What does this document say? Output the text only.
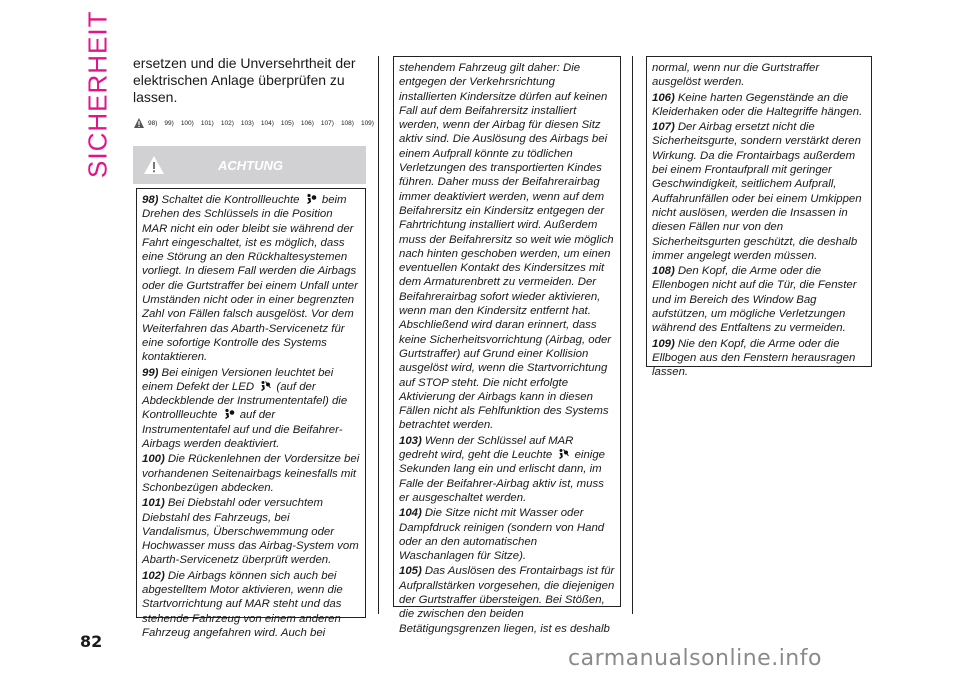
SICHERHEIT ersetzen und die Unversehrtheit der elektrischen Anlage überprüfen zu lassen.

98) 99) 100) 101) 102) 103) 104) 105) 106) 107) 108) 109)
ACHTUNG

98) Schaltet die Kontrollleuchte beim Drehen des Schlüssels in die Position MAR nicht ein oder bleibt sie während der Fahrt eingeschaltet, ist es möglich, dass eine Störung an den Rückhaltesystemen vorliegt. In diesem Fall werden die Airbags oder die Gurtstraffer bei einem Unfall unter Umständen nicht oder in einer begrenzten Zahl von Fällen falsch ausgelöst. Vor dem Weiterfahren das Abarth-Servicenetz für eine sofortige Kontrolle des Systems kontaktieren.

99) Bei einigen Versionen leuchtet bei einem Defekt der LED (auf der Abdeckblende der Instrumententafel) die Kontrollleuchte auf der Instrumententafel auf und die Beifahrer-Airbags werden deaktiviert.

100) Die Rückenlehnen der Vordersitze bei vorhandenen Seitenairbags keinesfalls mit Schonbezügen abdecken.

101) Bei Diebstahl oder versuchtem Diebstahl des Fahrzeugs, bei Vandalismus, Überschwemmung oder Hochwasser muss das Airbag-System vom Abarth-Servicenetz überprüft werden.

102) Die Airbags können sich auch bei abgestelltem Motor aktivieren, wenn die Startvorrichtung auf MAR steht und das stehende Fahrzeug von einem anderen Fahrzeug angefahren wird. Auch bei

stehendem Fahrzeug gilt daher: Die entgegen der Verkehrsrichtung installierten Kindersitze dürfen auf keinen Fall auf dem Beifahrersitz installiert werden, wenn der Airbag für diesen Sitz aktiv sind. Die Auslösung des Airbags bei einem Aufprall könnte zu tödlichen Verletzungen des transportierten Kindes führen. Daher muss der Beifahrerairbag immer deaktiviert werden, wenn auf dem Beifahrersitz ein Kindersitz entgegen der Fahrtrichtung installiert wird. Außerdem muss der Beifahrersitz so weit wie möglich nach hinten geschoben werden, um einen eventuellen Kontakt des Kindersitzes mit dem Armaturenbrett zu vermeiden. Der Beifahrerairbag sofort wieder aktivieren, wenn man den Kindersitz entfernt hat. Abschließend wird daran erinnert, dass keine Sicherheitsvorrichtung (Airbag, oder Gurtstraffer) auf Grund einer Kollision ausgelöst wird, wenn die Startvorrichtung auf STOP steht. Die nicht erfolgte Aktivierung der Airbags kann in diesen Fällen nicht als Fehlfunktion des Systems betrachtet werden.

103) Wenn der Schlüssel auf MAR gedreht wird, geht die Leuchte einige Sekunden lang ein und erlischt dann, im Falle der Beifahrer-Airbag aktiv ist, muss er ausgeschaltet werden.

104) Die Sitze nicht mit Wasser oder Dampfdruck reinigen (sondern von Hand oder an den automatischen Waschanlagen für Sitze).

105) Das Auslösen des Frontairbags ist für Aufprallstärken vorgesehen, die diejenigen der Gurtstraffer übersteigen. Bei Stößen, die zwischen den beiden Betätigungsgrenzen liegen, ist es deshalb

normal, wenn nur die Gurtstraffer ausgelöst werden.

106) Keine harten Gegenstände an die Kleiderhaken oder die Haltegriffe hängen.

107) Der Airbag ersetzt nicht die Sicherheitsgurte, sondern verstärkt deren Wirkung. Da die Frontairbags außerdem bei einem Frontaufprall mit geringer Geschwindigkeit, seitlichem Aufprall, Auffahrunfällen oder bei einem Umkippen nicht auslösen, werden die Insassen in diesen Fällen nur von den Sicherheitsgurten geschützt, die deshalb immer angelegt werden müssen.

108) Den Kopf, die Arme oder die Ellenbogen nicht auf die Tür, die Fenster und im Bereich des Window Bag aufstützen, um mögliche Verletzungen während des Entfaltens zu vermeiden.

109) Nie den Kopf, die Arme oder die Ellbogen aus den Fenstern herausragen lassen.

82
carmanualsonline.info
